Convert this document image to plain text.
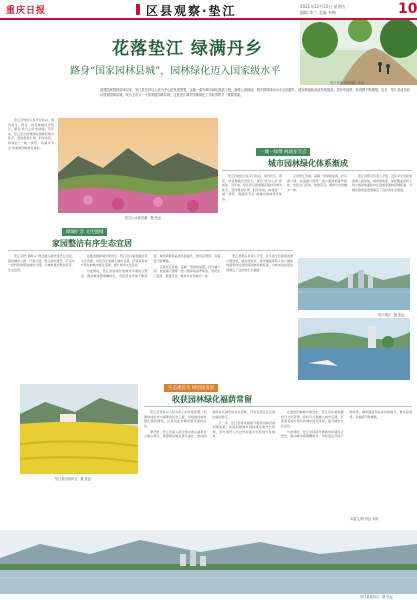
重庆日报	区县观察·垫江	2021年12月10日 星期五
编辑 李兰 美编 李梅	10
花落垫江 绿满丹乡
路身“国家园林县城”，园林绿化迈入国家级水平
垫江县城 特约摄影 张远
创建国家园林县城以来，垫江县坚持以人民为中心的发展思想，实施一系列城市绿化提质工程，新增公园绿地，城市园林绿化水平全面提升，城市颜值和品质持续提高，居民幸福感、获得感不断增强。近日，垫江县成功获评国家园林县城，成为全市又一个国家级园林县城，这是垫江城市园林绿化工作取得的又一重要成果。
垫江山水林田湖 · 摄 张远
一城一绿带 两湖多节点
城市园林绿化体系渐成

垫江县地处川东平行岭谷，境内牡丹、荷花、桂花种植历史悠久，素有“牡丹之乡”的美誉。近年来，垫江县以创建国家园林县城为抓手，坚持规划引领、科学布局，构建起“一城一绿带、两湖多节点”的城市园林绿化体系。

走进垫江县城，高峰一带绿树成荫，牡丹湖公园、桂溪湖公园等一批公园绿地星罗棋布，市民出门见绿、推窗见景，城市与自然融为一体。

垫江县相关负责人介绍，近年来全县新建改建公园绿地，城市绿地率、绿化覆盖率和人均公园绿地面积均达到国家园林县城标准，为城市高质量发展奠定了良好的生态基础。

垫江县地处川东平行岭谷，境内牡丹、荷花、桂花种植历史悠久，素有“牡丹之乡”的美誉。近年来，垫江县以创建国家园林县城为抓手，坚持规划引领、科学布局，构建起“一城一绿带、两湖多节点”的城市园林绿化体系。

绿城扩容 文化强城
家园整洁有序生态宜居

垫江县把“园林+”理念融入城市建设全过程，推进城市公园、口袋公园、街头绿地建设，打造出一批特色鲜明的城市公园，让城市更加整洁有序、生态宜居。

在推进园林城市建设中，垫江县注重挖掘牡丹文化资源，将牡丹元素融入城市景观，打造具有地方特色的城市绿化景观，提升城市文化品位。

与此同时，垫江县持续开展城市环境综合整治，推动城市管理精细化，市民居住环境不断改善，城市颜值和品质持续提升，群众获得感、幸福感不断增强。

走进垫江县城，高峰一带绿树成荫，牡丹湖公园、桂溪湖公园等一批公园绿地星罗棋布，市民出门见绿、推窗见景，城市与自然融为一体。

垫江县相关负责人介绍，近年来全县新建改建公园绿地，城市绿地率、绿化覆盖率和人均公园绿地面积均达到国家园林县城标准，为城市高质量发展奠定了良好的生态基础。

垫江城区 · 摄 张远
垫江县田园风光 · 摄 张远
生态惠民生 绿园述发展
收获园林绿化福荫常留

垫江县坚持以人民为中心的发展思想，把园林绿化作为重要的民生工程，持续推进城市绿化提质增效，让绿色成为城市最亮丽的底色。

据介绍，垫江县深入践行绿水青山就是金山银山理念，统筹推进城乡绿化美化，推动园林绿化从城市向乡村延伸，打造宜居宜业宜游的美丽垫江。

下一步，垫江县将巩固提升国家园林县城创建成果，持续加强城市园林绿化建设与管理，努力建设人与自然和谐共生的现代化城市。

在推进园林城市建设中，垫江县注重挖掘牡丹文化资源，将牡丹元素融入城市景观，打造具有地方特色的城市绿化景观，提升城市文化品位。

与此同时，垫江县持续开展城市环境综合整治，推动城市管理精细化，市民居住环境不断改善，城市颜值和品质持续提升，群众获得感、幸福感不断增强。

本版文/图 张远 刘邦
垫江县城风光 · 摄 张远
